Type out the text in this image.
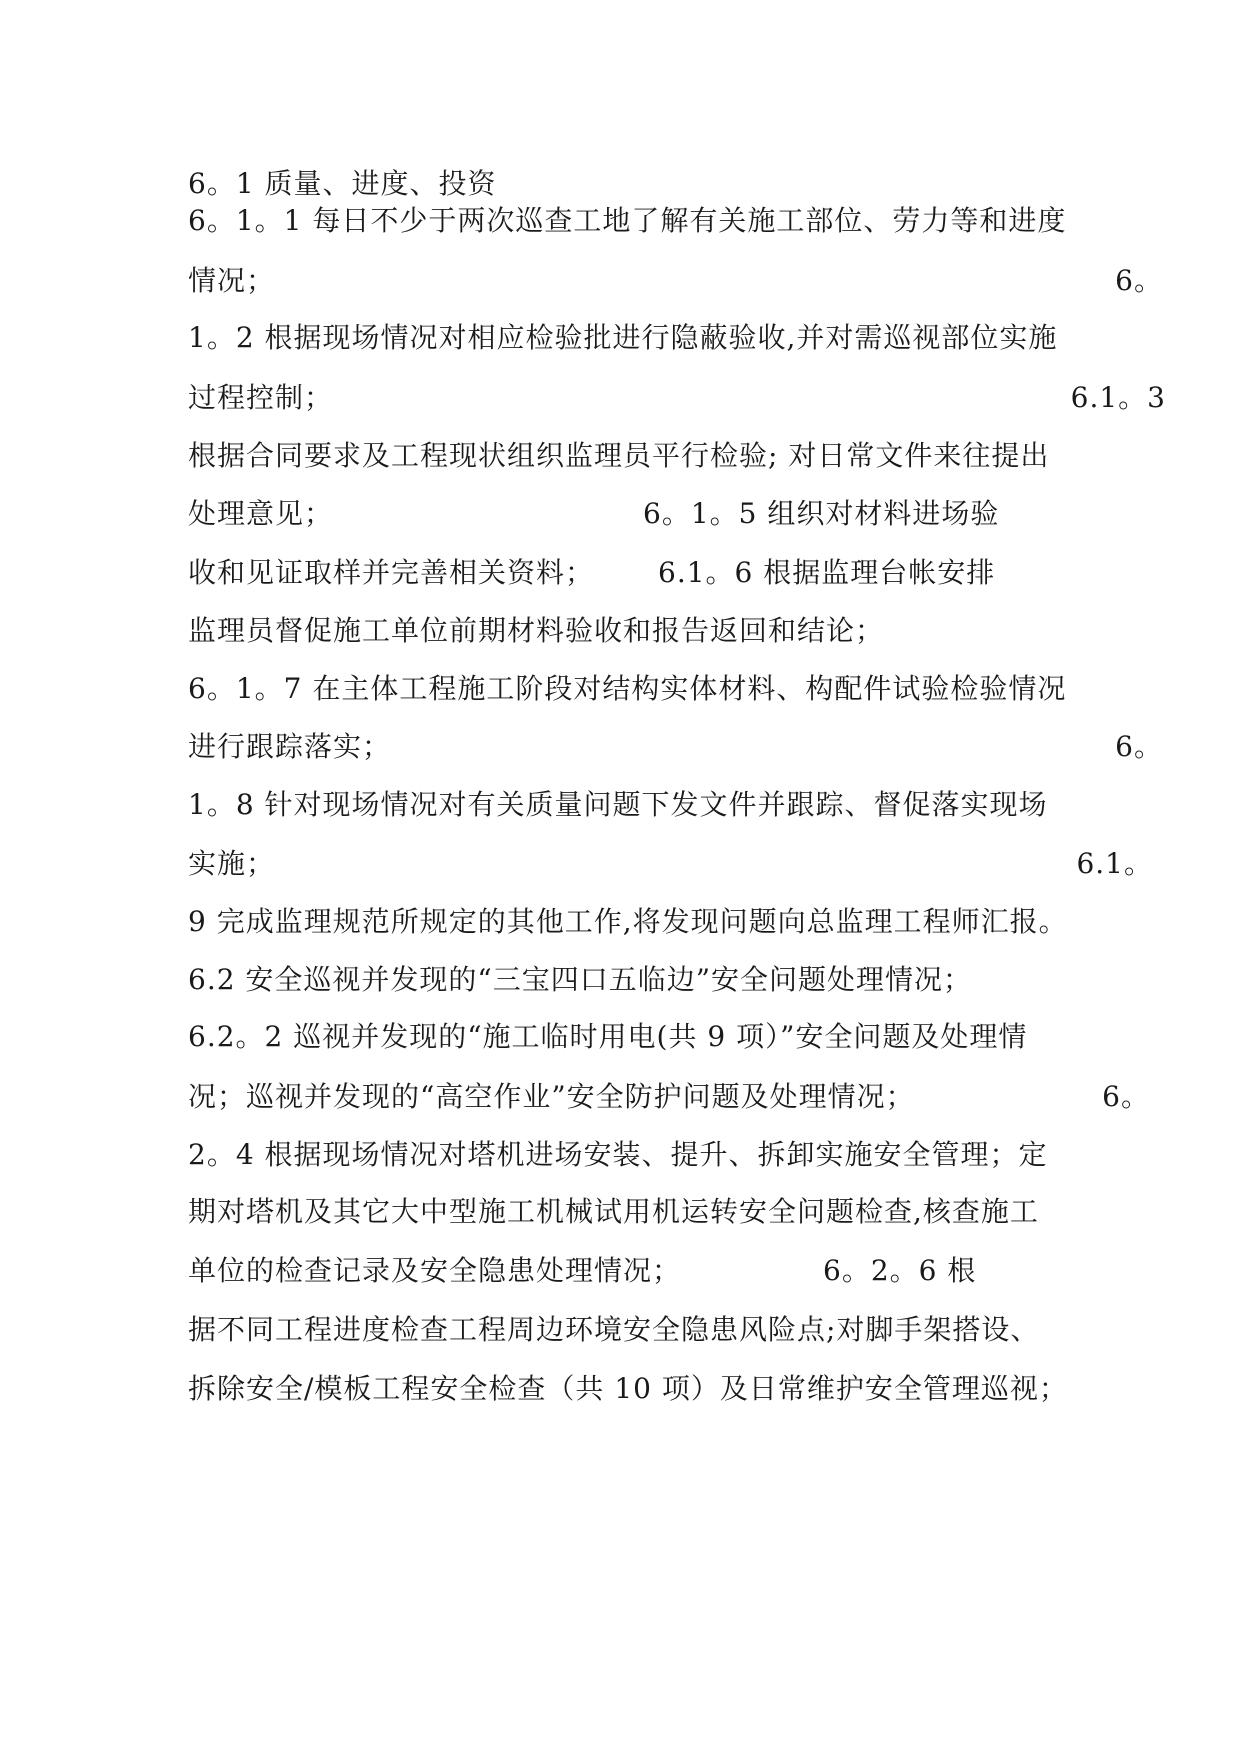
6。1 质量、进度、投资
6。1。1 每日不少于两次巡查工地了解有关施工部位、劳力等和进度
情况；	6。
1。2 根据现场情况对相应检验批进行隐蔽验收,并对需巡视部位实施
过程控制；	6.1。3
根据合同要求及工程现状组织监理员平行检验; 对日常文件来往提出
处理意见；	6。1。5 组织对材料进场验
收和见证取样并完善相关资料； 6.1。6 根据监理台帐安排
监理员督促施工单位前期材料验收和报告返回和结论；
6。1。7 在主体工程施工阶段对结构实体材料、构配件试验检验情况
进行跟踪落实；	6。
1。8 针对现场情况对有关质量问题下发文件并跟踪、督促落实现场
实施；	6.1。
9 完成监理规范所规定的其他工作,将发现问题向总监理工程师汇报。
6.2 安全巡视并发现的“三宝四口五临边”安全问题处理情况；
6.2。2 巡视并发现的“施工临时用电(共 9 项）”安全问题及处理情
况；巡视并发现的“高空作业”安全防护问题及处理情况；	6。
2。4 根据现场情况对塔机进场安装、提升、拆卸实施安全管理；定
期对塔机及其它大中型施工机械试用机运转安全问题检查,核查施工
单位的检查记录及安全隐患处理情况；	6。2。6 根
据不同工程进度检查工程周边环境安全隐患风险点;对脚手架搭设、
拆除安全/模板工程安全检查（共 10 项）及日常维护安全管理巡视；
